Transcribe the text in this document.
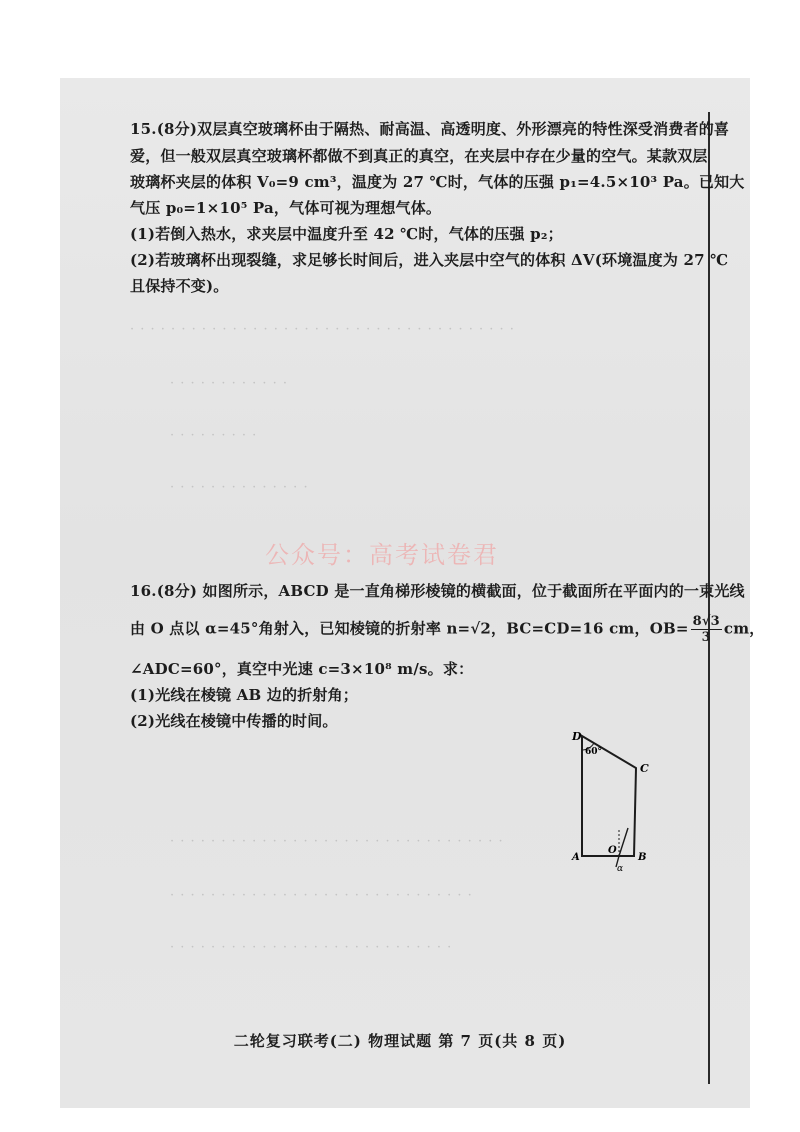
· · · · · · · · · · · · · · · · · · · · · · · · · · · · · · · · · · · · · ·
· · · · · · · · · · · ·
· · · · · · · · ·
· · · · · · · · · · · · · ·
· · · · · · · · · · · · · · · · · · · · · · · · · · · · · · · · ·
· · · · · · · · · · · · · · · · · · · · · · · · · · · · · ·
· · · · · · · · · · · · · · · · · · · · · · · · · · · ·
15.(8分)双层真空玻璃杯由于隔热、耐高温、高透明度、外形漂亮的特性深受消费者的喜
爱，但一般双层真空玻璃杯都做不到真正的真空，在夹层中存在少量的空气。某款双层
玻璃杯夹层的体积 V₀=9 cm³，温度为 27 ℃时，气体的压强 p₁=4.5×10³ Pa。已知大
气压 p₀=1×10⁵ Pa，气体可视为理想气体。
(1)若倒入热水，求夹层中温度升至 42 ℃时，气体的压强 p₂；
(2)若玻璃杯出现裂缝，求足够长时间后，进入夹层中空气的体积 ΔV(环境温度为 27 ℃
且保持不变)。
公众号：高考试卷君
16.(8分) 如图所示，ABCD 是一直角梯形棱镜的横截面，位于截面所在平面内的一束光线
由 O 点以 α=45°角射入，已知棱镜的折射率 n=√2，BC=CD=16 cm，$OB= \frac{8√3}{3}$ cm，
∠ADC=60°，真空中光速 c=3×10⁸ m/s。求：
(1)光线在棱镜 AB 边的折射角；
(2)光线在棱镜中传播的时间。
D
60°
C
A	B
O
α
二轮复习联考(二) 物理试题 第 7 页(共 8 页)
